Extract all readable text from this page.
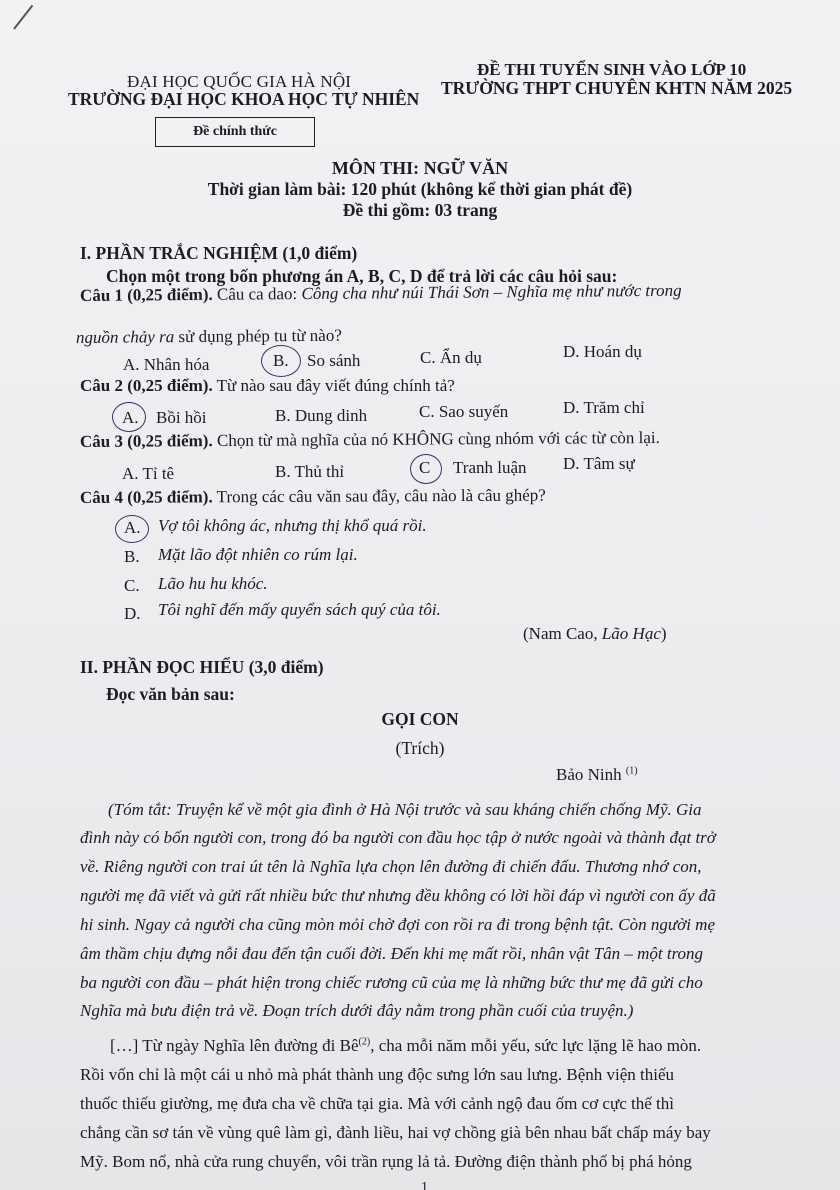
ĐẠI HỌC QUỐC GIA HÀ NỘI
TRƯỜNG ĐẠI HỌC KHOA HỌC TỰ NHIÊN
ĐỀ THI TUYỂN SINH VÀO LỚP 10
TRƯỜNG THPT CHUYÊN KHTN NĂM 2025
Đề chính thức
MÔN THI: NGỮ VĂN
Thời gian làm bài: 120 phút (không kể thời gian phát đề)
Đề thi gồm: 03 trang
I. PHẦN TRẮC NGHIỆM (1,0 điểm)
Chọn một trong bốn phương án A, B, C, D để trả lời các câu hỏi sau:
Câu 1 (0,25 điểm). Câu ca dao: Công cha như núi Thái Sơn – Nghĩa mẹ như nước trong
nguồn chảy ra sử dụng phép tu từ nào?
A. Nhân hóa	B. So sánh	C. Ẩn dụ	D. Hoán dụ
Câu 2 (0,25 điểm). Từ nào sau đây viết đúng chính tả?
A. Bồi hồi	B. Dung dinh	C. Sao suyến	D. Trăm chỉ
Câu 3 (0,25 điểm). Chọn từ mà nghĩa của nó KHÔNG cùng nhóm với các từ còn lại.
A. Tỉ tê	B. Thủ thỉ	C Tranh luận D. Tâm sự
Câu 4 (0,25 điểm). Trong các câu văn sau đây, câu nào là câu ghép?
A. Vợ tôi không ác, nhưng thị khổ quá rồi.
B. Mặt lão đột nhiên co rúm lại.
C. Lão hu hu khóc.
D. Tôi nghĩ đến mấy quyển sách quý của tôi.
(Nam Cao, Lão Hạc)
II. PHẦN ĐỌC HIỂU (3,0 điểm)
Đọc văn bản sau:
GỌI CON
(Trích)
Bảo Ninh $^{(1)}$
(Tóm tắt: Truyện kể về một gia đình ở Hà Nội trước và sau kháng chiến chống Mỹ. Gia
đình này có bốn người con, trong đó ba người con đầu học tập ở nước ngoài và thành đạt trở
về. Riêng người con trai út tên là Nghĩa lựa chọn lên đường đi chiến đấu. Thương nhớ con,
người mẹ đã viết và gửi rất nhiều bức thư nhưng đều không có lời hồi đáp vì người con ấy đã
hi sinh. Ngay cả người cha cũng mòn mỏi chờ đợi con rồi ra đi trong bệnh tật. Còn người mẹ
âm thầm chịu đựng nỗi đau đến tận cuối đời. Đến khi mẹ mất rồi, nhân vật Tân – một trong
ba người con đầu – phát hiện trong chiếc rương cũ của mẹ là những bức thư mẹ đã gửi cho
Nghĩa mà bưu điện trả về. Đoạn trích dưới đây nằm trong phần cuối của truyện.)
[…] Từ ngày Nghĩa lên đường đi $Bê^{(2)}$, cha mỗi năm mỗi yếu, sức lực lặng lẽ hao mòn.
Rồi vốn chỉ là một cái u nhỏ mà phát thành ung độc sưng lớn sau lưng. Bệnh viện thiếu
thuốc thiếu giường, mẹ đưa cha về chữa tại gia. Mà với cảnh ngộ đau ốm cơ cực thế thì
chẳng cần sơ tán về vùng quê làm gì, đành liều, hai vợ chồng già bên nhau bất chấp máy bay
Mỹ. Bom nổ, nhà cửa rung chuyển, vôi trần rụng lả tả. Đường điện thành phố bị phá hỏng
1
